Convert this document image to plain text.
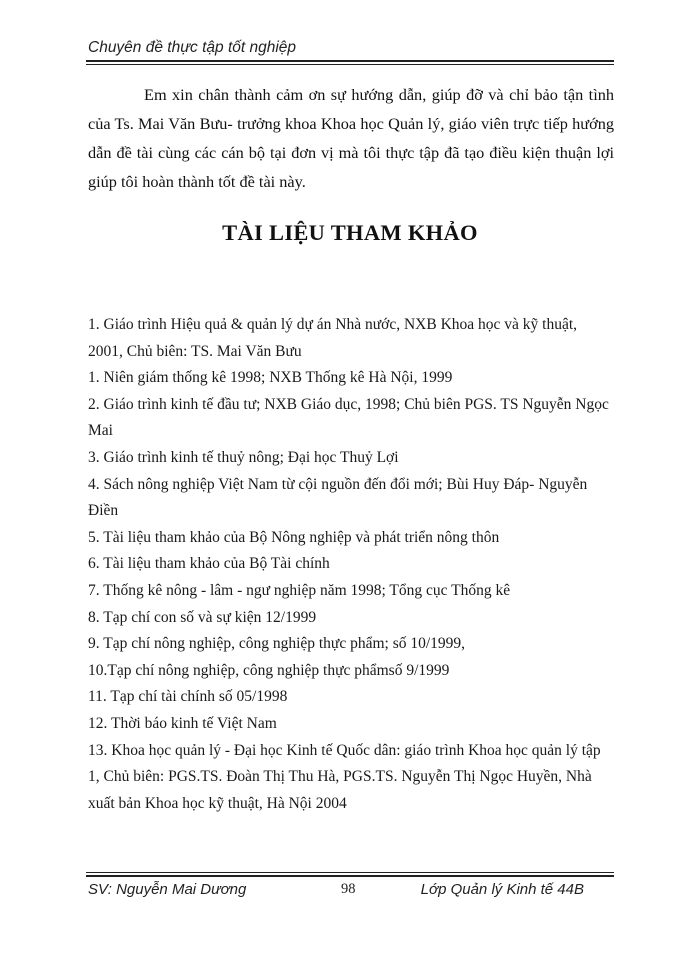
Chuyên đề thực tập tốt nghiệp

Em xin chân thành cảm ơn sự hướng dẫn, giúp đỡ và chỉ bảo tận tình của Ts. Mai Văn Bưu- trưởng khoa Khoa học Quản lý, giáo viên trực tiếp hướng dẫn đề tài cùng các cán bộ tại đơn vị mà tôi thực tập đã tạo điều kiện thuận lợi giúp tôi hoàn thành tốt đề tài này.

TÀI LIỆU THAM KHẢO
1. Giáo trình Hiệu quả & quản lý dự án Nhà nước, NXB Khoa học và kỹ thuật, 2001, Chủ biên: TS. Mai Văn Bưu
1. Niên giám thống kê 1998; NXB Thống kê Hà Nội, 1999
2. Giáo trình kinh tế đầu tư; NXB Giáo dục, 1998; Chủ biên PGS. TS Nguyễn Ngọc Mai
3. Giáo trình kinh tế thuỷ nông; Đại học Thuỷ Lợi
4. Sách nông nghiệp Việt Nam từ cội nguồn đến đổi mới; Bùi Huy Đáp- Nguyễn Điền
5. Tài liệu tham khảo của Bộ Nông nghiệp và phát triển nông thôn
6. Tài liệu tham khảo của Bộ Tài chính
7. Thống kê nông - lâm - ngư nghiệp năm 1998; Tổng cục Thống kê
8. Tạp chí con số và sự kiện 12/1999
9. Tạp chí nông nghiệp, công nghiệp thực phẩm; số 10/1999,
10.Tạp chí nông nghiệp, công nghiệp thực phẩmsố 9/1999
11. Tạp chí tài chính số 05/1998
12. Thời báo kinh tế Việt Nam
13. Khoa học quản lý - Đại học Kinh tế Quốc dân: giáo trình Khoa học quản lý tập 1, Chủ biên: PGS.TS. Đoàn Thị Thu Hà, PGS.TS. Nguyễn Thị Ngọc Huyền, Nhà xuất bản Khoa học kỹ thuật, Hà Nội 2004
SV: Nguyễn Mai Dương	98	Lớp Quản lý Kinh tế 44B
